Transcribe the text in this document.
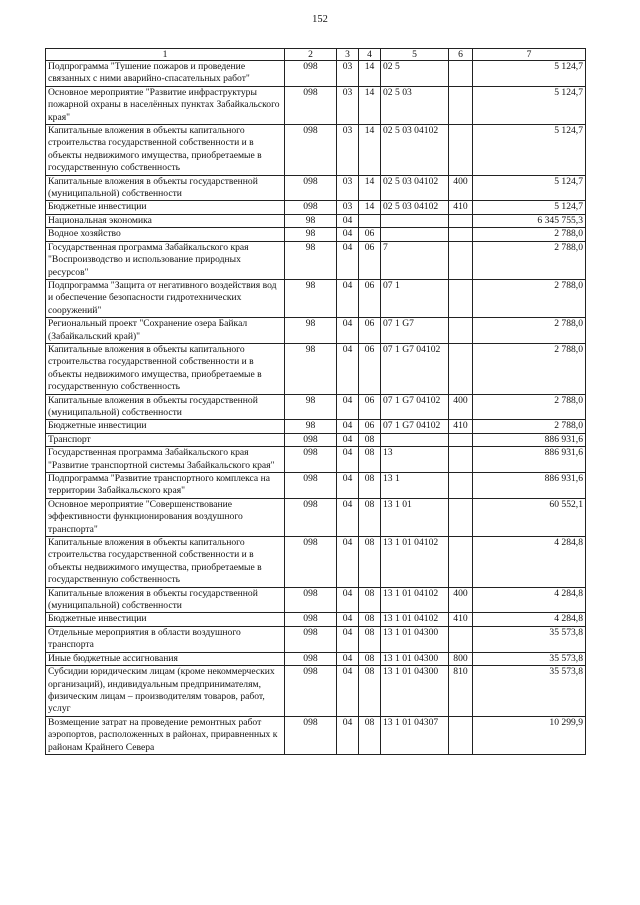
152
1	2	3	4	5	6	7
Подпрограмма "Тушение пожаров и проведение связанных с ними аварийно-спасательных работ"	098	03	14	02 5		5 124,7
Основное мероприятие "Развитие инфраструктуры пожарной охраны в населённых пунктах Забайкальского края"	098	03	14	02 5 03		5 124,7
Капитальные вложения в объекты капитального строительства государственной собственности и в объекты недвижимого имущества, приобретаемые в государственную собственность	098	03	14	02 5 03 04102		5 124,7
Капитальные вложения в объекты государственной (муниципальной) собственности	098	03	14	02 5 03 04102	400	5 124,7
Бюджетные инвестиции	098	03	14	02 5 03 04102	410	5 124,7
Национальная экономика	98	04				6 345 755,3
Водное хозяйство	98	04	06			2 788,0
Государственная программа Забайкальского края "Воспроизводство и использование природных ресурсов"	98	04	06	7		2 788,0
Подпрограмма "Защита от негативного воздействия вод и обеспечение безопасности гидротехнических сооружений"	98	04	06	07 1		2 788,0
Региональный проект "Сохранение озера Байкал (Забайкальский край)"	98	04	06	07 1 G7		2 788,0
Капитальные вложения в объекты капитального строительства государственной собственности и в объекты недвижимого имущества, приобретаемые в государственную собственность	98	04	06	07 1 G7 04102		2 788,0
Капитальные вложения в объекты государственной (муниципальной) собственности	98	04	06	07 1 G7 04102	400	2 788,0
Бюджетные инвестиции	98	04	06	07 1 G7 04102	410	2 788,0
Транспорт	098	04	08			886 931,6
Государственная программа Забайкальского края "Развитие транспортной системы Забайкальского края"	098	04	08	13		886 931,6
Подпрограмма "Развитие транспортного комплекса на территории Забайкальского края"	098	04	08	13 1		886 931,6
Основное мероприятие "Совершенствование эффективности функционирования воздушного транспорта"	098	04	08	13 1 01		60 552,1
Капитальные вложения в объекты капитального строительства государственной собственности и в объекты недвижимого имущества, приобретаемые в государственную собственность	098	04	08	13 1 01 04102		4 284,8
Капитальные вложения в объекты государственной (муниципальной) собственности	098	04	08	13 1 01 04102	400	4 284,8
Бюджетные инвестиции	098	04	08	13 1 01 04102	410	4 284,8
Отдельные мероприятия в области воздушного транспорта	098	04	08	13 1 01 04300		35 573,8
Иные бюджетные ассигнования	098	04	08	13 1 01 04300	800	35 573,8
Субсидии юридическим лицам (кроме некоммерческих организаций), индивидуальным предпринимателям, физическим лицам – производителям товаров, работ, услуг	098	04	08	13 1 01 04300	810	35 573,8
Возмещение затрат на проведение ремонтных работ аэропортов, расположенных в районах, приравненных к районам Крайнего Севера	098	04	08	13 1 01 04307		10 299,9
